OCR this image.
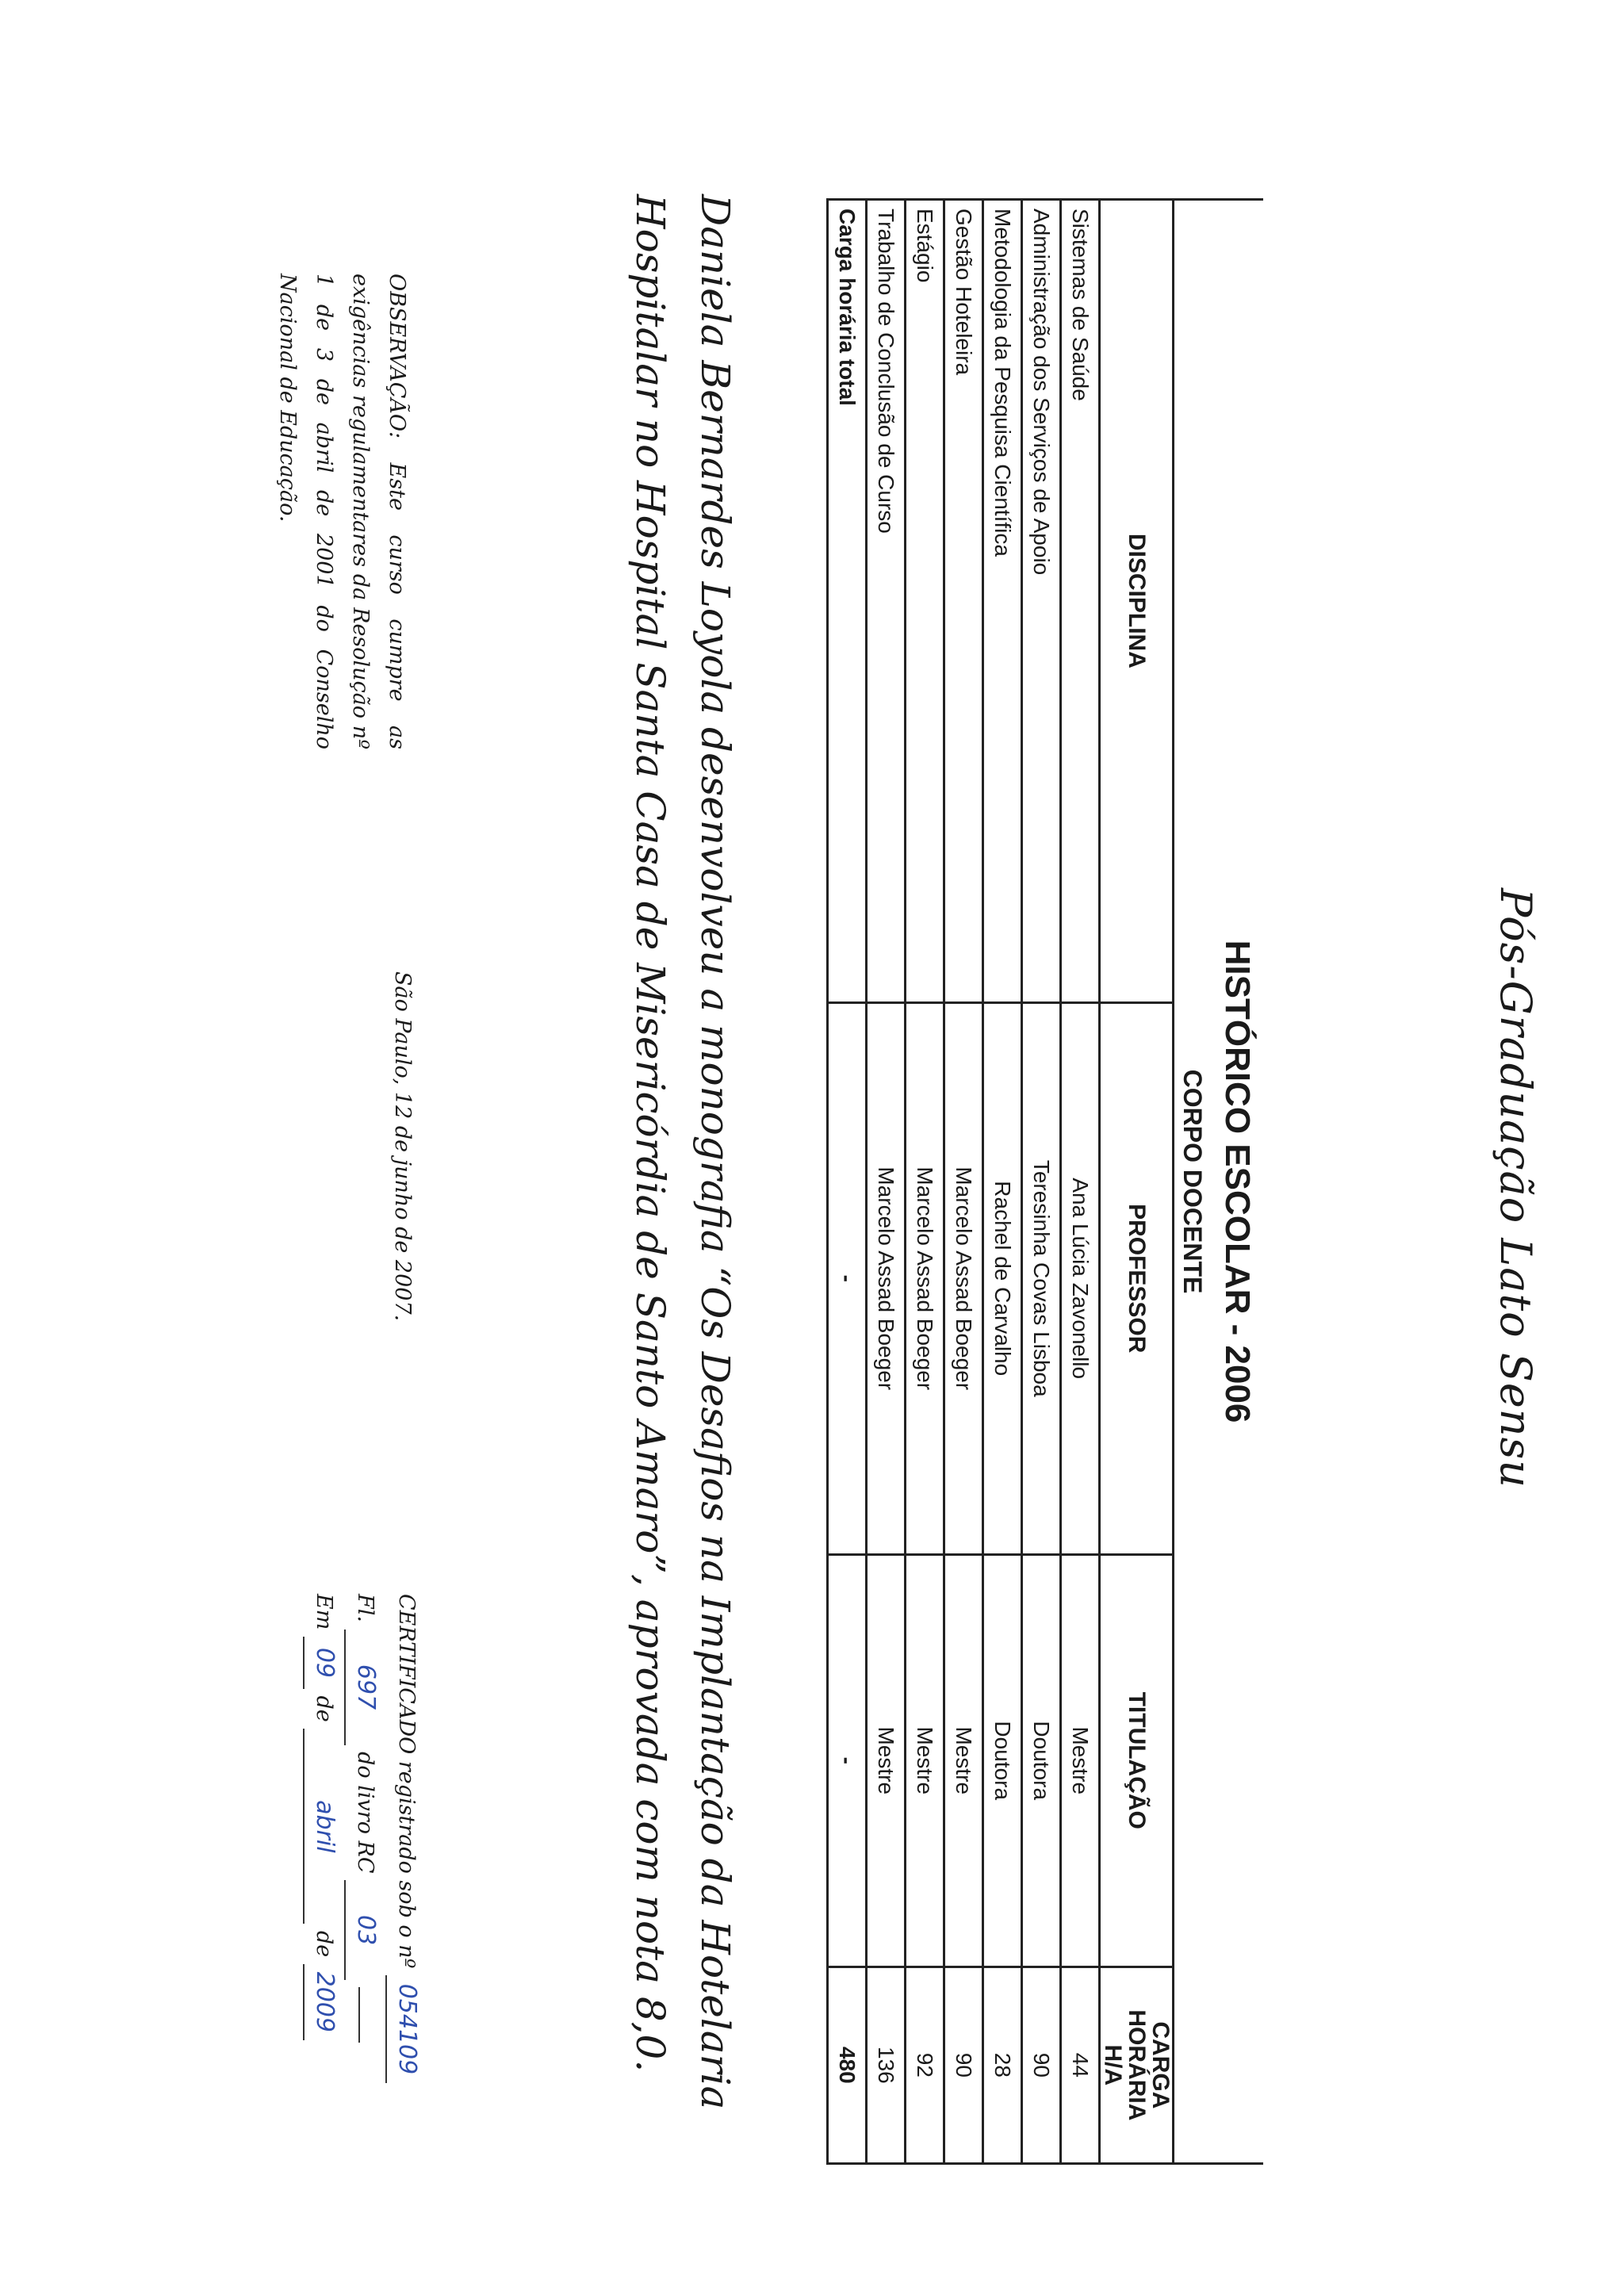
Pós-Graduação Lato Sensu
HISTÓRICO ESCOLAR - 2006			
CORPO DOCENTE			
DISCIPLINA	PROFESSOR	TITULAÇÃO	CARGA
HORÁRIA
H/A
Sistemas de Saúde	Ana Lúcia Zavonello	Mestre	44
Administração dos Serviços de Apoio	Teresinha Covas Lisboa	Doutora	90
Metodologia da Pesquisa Científica	Rachel de Carvalho	Doutora	28
Gestão Hoteleira	Marcelo Assad Boeger	Mestre	90
Estágio	Marcelo Assad Boeger	Mestre	92
Trabalho de Conclusão de Curso	Marcelo Assad Boeger	Mestre	136
Carga horária total	-	-	480
Daniela Bernardes Loyola desenvolveu a monografia “Os Desafios na Implantação da Hotelaria Hospitalar no Hospital Santa Casa de Misericórdia de Santo Amaro”, aprovada com nota 8,0.
OBSERVAÇÃO: Este curso cumpre as exigências regulamentares da Resolução nº 1 de 3 de abril de 2001 do Conselho Nacional de Educação.
São Paulo, 12 de junho de 2007.
CERTIFICADO registrado sob o nº 054109
Fl. 697 do livro RC 03
Em 09 de abril de 2009
